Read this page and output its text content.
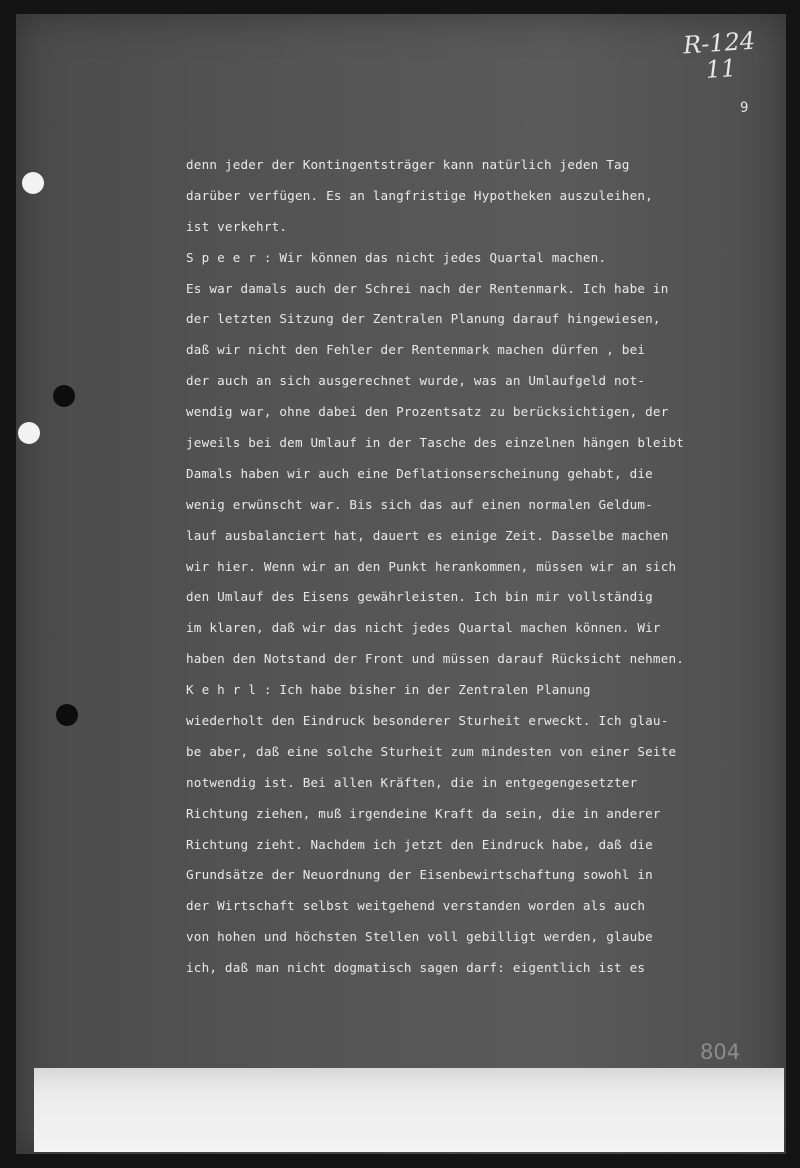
R-124
11
9
denn jeder der Kontingentsträger kann natürlich jeden Tag
darüber verfügen. Es an langfristige Hypotheken auszuleihen,
ist verkehrt.
S p e e r : Wir können das nicht jedes Quartal machen.
Es war damals auch der Schrei nach der Rentenmark. Ich habe in
der letzten Sitzung der Zentralen Planung darauf hingewiesen,
daß wir nicht den Fehler der Rentenmark machen dürfen , bei
der auch an sich ausgerechnet wurde, was an Umlaufgeld not-
wendig war, ohne dabei den Prozentsatz zu berücksichtigen, der
jeweils bei dem Umlauf in der Tasche des einzelnen hängen bleibt
Damals haben wir auch eine Deflationserscheinung gehabt, die
wenig erwünscht war. Bis sich das auf einen normalen Geldum-
lauf ausbalanciert hat, dauert es einige Zeit. Dasselbe machen
wir hier. Wenn wir an den Punkt herankommen, müssen wir an sich
den Umlauf des Eisens gewährleisten. Ich bin mir vollständig
im klaren, daß wir das nicht jedes Quartal machen können. Wir
haben den Notstand der Front und müssen darauf Rücksicht nehmen.
K e h r l : Ich habe bisher in der Zentralen Planung
wiederholt den Eindruck besonderer Sturheit erweckt. Ich glau-
be aber, daß eine solche Sturheit zum mindesten von einer Seite
notwendig ist. Bei allen Kräften, die in entgegengesetzter
Richtung ziehen, muß irgendeine Kraft da sein, die in anderer
Richtung zieht. Nachdem ich jetzt den Eindruck habe, daß die
Grundsätze der Neuordnung der Eisenbewirtschaftung sowohl in
der Wirtschaft selbst weitgehend verstanden worden als auch
von hohen und höchsten Stellen voll gebilligt werden, glaube
ich, daß man nicht dogmatisch sagen darf: eigentlich ist es
804
